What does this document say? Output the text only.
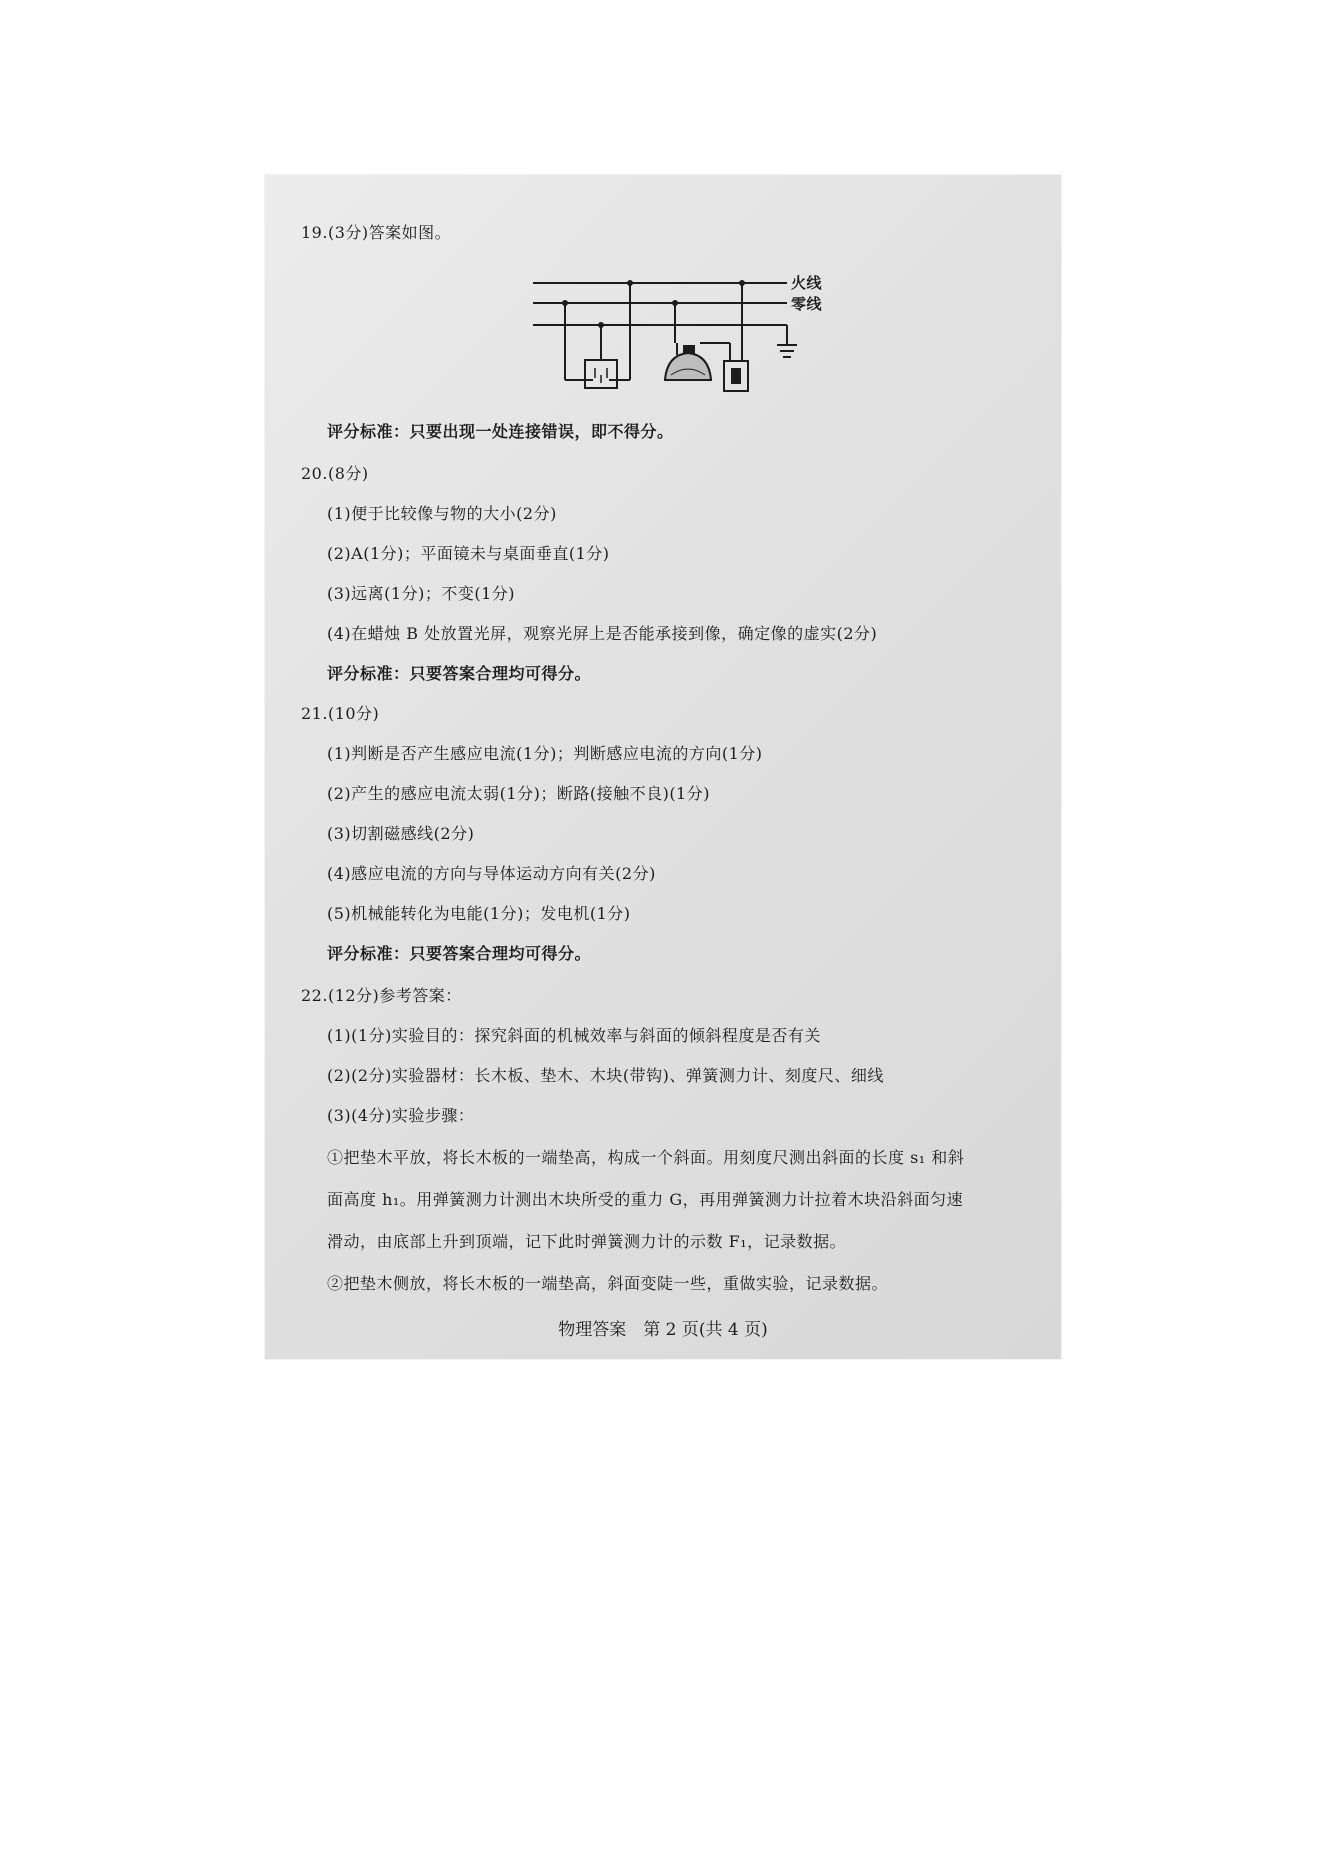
19.(3分)答案如图。
火线
零线
评分标准：只要出现一处连接错误，即不得分。
20.(8分)
(1)便于比较像与物的大小(2分)
(2)A(1分)；平面镜未与桌面垂直(1分)
(3)远离(1分)；不变(1分)
(4)在蜡烛 B 处放置光屏，观察光屏上是否能承接到像，确定像的虚实(2分)
评分标准：只要答案合理均可得分。
21.(10分)
(1)判断是否产生感应电流(1分)；判断感应电流的方向(1分)
(2)产生的感应电流太弱(1分)；断路(接触不良)(1分)
(3)切割磁感线(2分)
(4)感应电流的方向与导体运动方向有关(2分)
(5)机械能转化为电能(1分)；发电机(1分)
评分标准：只要答案合理均可得分。
22.(12分)参考答案：
(1)(1分)实验目的：探究斜面的机械效率与斜面的倾斜程度是否有关
(2)(2分)实验器材：长木板、垫木、木块(带钩)、弹簧测力计、刻度尺、细线
(3)(4分)实验步骤：
①把垫木平放，将长木板的一端垫高，构成一个斜面。用刻度尺测出斜面的长度 s₁ 和斜
面高度 h₁。用弹簧测力计测出木块所受的重力 G，再用弹簧测力计拉着木块沿斜面匀速
滑动，由底部上升到顶端，记下此时弹簧测力计的示数 F₁，记录数据。
②把垫木侧放，将长木板的一端垫高，斜面变陡一些，重做实验，记录数据。
物理答案　第 2 页(共 4 页)
